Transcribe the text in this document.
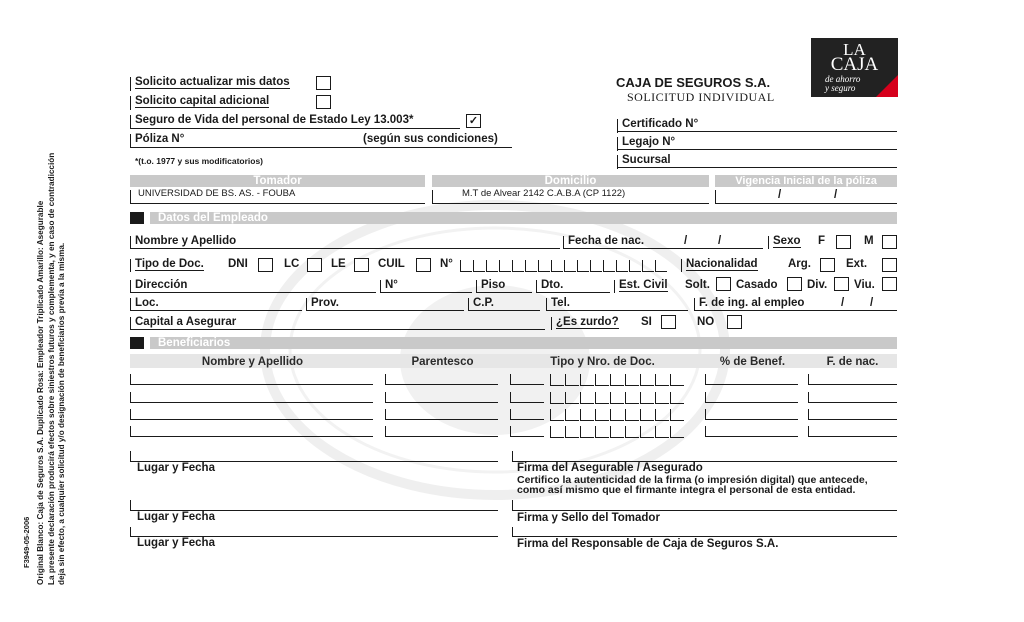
Original Blanco: Caja de Seguros S.A. Duplicado Rosa: Empleador Triplicado Amarillo: Asegurable La presente declaración producirá efectos sobre siniestros futuros y complementa, y en caso de contradicción deja sin efecto, a cualquier solicitud y/o designación de beneficiarios previa a la misma.
F3949-05-2006
LA
CAJA
de ahorro
y seguro
CAJA DE SEGUROS S.A.
SOLICITUD INDIVIDUAL
Solicito actualizar mis datos
Solicito capital adicional
Seguro de Vida del personal de Estado Ley 13.003*	✓
Póliza N°	(según sus condiciones)
*(t.o. 1977 y sus modificatorios)
Certificado N°
Legajo N°
Sucursal
Tomador	Domicilio	Vigencia Inicial de la póliza
UNIVERSIDAD DE BS. AS. - FOUBA	M.T de Alvear 2142 C.A.B.A (CP 1122)	/	/
Datos del Empleado
Nombre y Apellido	Fecha de nac.	/	/	Sexo F	M
Tipo de Doc. DNI	LC	LE	CUIL	N°	Nacionalidad	Arg.	Ext.
Dirección	N°	Piso	Dto.	Est. Civil Solt. Casado	Div. Viu.
Loc.	Prov.	C.P.	Tel.	F. de ing. al empleo	/ /
Capital a Asegurar	¿Es zurdo? SI	NO
Beneficiarios
Nombre y Apellido	Parentesco	Tipo y Nro. de Doc.	% de Benef.	F. de nac.
Lugar y Fecha	Firma del Asegurable / Asegurado
Certifico la autenticidad de la firma (o impresión digital) que antecede,
como así mismo que el firmante integra el personal de esta entidad.
Lugar y Fecha	Firma y Sello del Tomador
Lugar y Fecha	Firma del Responsable de Caja de Seguros S.A.
